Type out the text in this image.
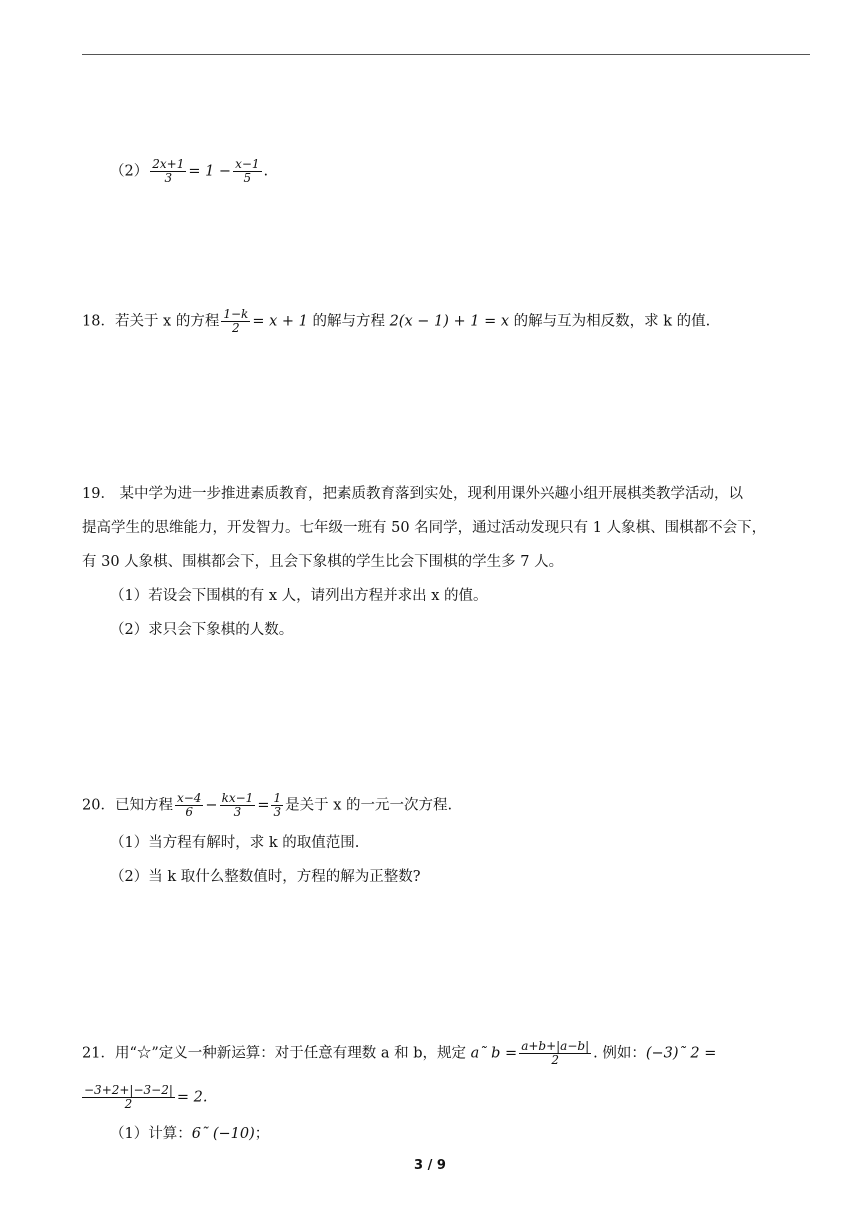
$(2) \frac{2x+1}{3} = 1 - \frac{x-1}{5}$ .
18．若关于 x 的方程 $\frac{1-k}{2} = x + 1$ 的解与方程 2(x − 1) + 1 = x 的解与互为相反数，求 k 的值.
19． 某中学为进一步推进素质教育，把素质教育落到实处，现利用课外兴趣小组开展棋类教学活动，以
提高学生的思维能力，开发智力。七年级一班有 50 名同学，通过活动发现只有 1 人象棋、围棋都不会下，
有 30 人象棋、围棋都会下，且会下象棋的学生比会下围棋的学生多 7 人。
（1）若设会下围棋的有 x 人，请列出方程并求出 x 的值。
（2）求只会下象棋的人数。
20．已知方程 $\frac{x-4}{6} - \frac{kx-1}{3} = \frac{1}{3}$ 是关于 x 的一元一次方程.
（1）当方程有解时，求 k 的取值范围.
（2）当 k 取什么整数值时，方程的解为正整数?
21．用“☆”定义一种新运算：对于任意有理数 a 和 b，规定 a˜ $b = \frac{a+b+|a-b|}{2}$ . 例如：(−3)˜ 2 =
$\frac{-3+2+|-3-2|}{2} = 2$.
（1）计算：6˜ (−10)；
3 / 9
